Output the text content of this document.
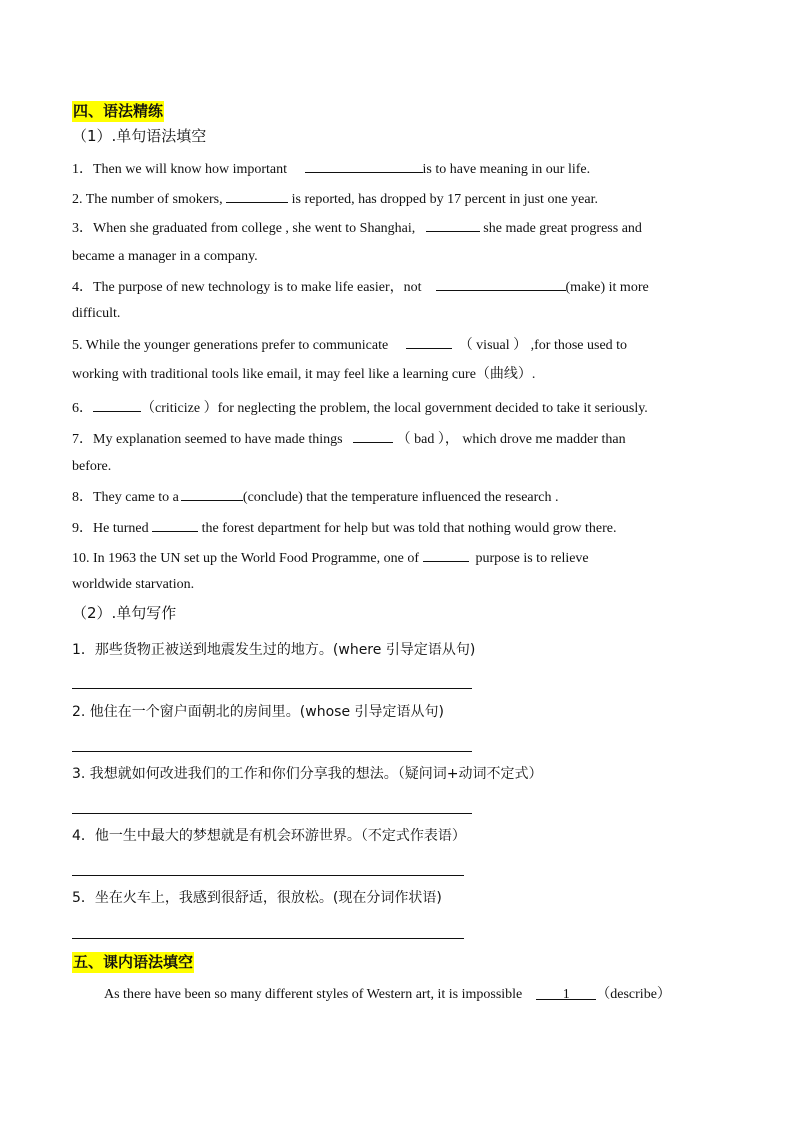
四、语法精练
（1）.单句语法填空
1．Then we will know how important	is to have meaning in our life.
2. The number of smokers,	is reported, has dropped by 17 percent in just one year.
3．When she graduated from college , she went to Shanghai,	she made great progress and
became a manager in a company.
4．The purpose of new technology is to make life easier，not	(make) it more
difficult.
5. While the younger generations prefer to communicate	（ visual ） ,for those used to
working with traditional tools like email, it may feel like a learning cure（曲线）.
6．	（criticize ）for neglecting the problem, the local government decided to take it seriously.
7．My explanation seemed to have made things	（ bad ）， which drove me madder than
before.
8．They came to a	(conclude) that the temperature influenced the research .
9．He turned	the forest department for help but was told that nothing would grow there.
10. In 1963 the UN set up the World Food Programme, one of	purpose is to relieve
worldwide starvation.
（2）.单句写作
1．那些货物正被送到地震发生过的地方。(where 引导定语从句)
2. 他住在一个窗户面朝北的房间里。(whose 引导定语从句)
3. 我想就如何改进我们的工作和你们分享我的想法。（疑问词+动词不定式）
4．他一生中最大的梦想就是有机会环游世界。（不定式作表语）
5．坐在火车上，我感到很舒适，很放松。(现在分词作状语)
五、课内语法填空
As there have been so many different styles of Western art, it is impossible	1 （describe）
